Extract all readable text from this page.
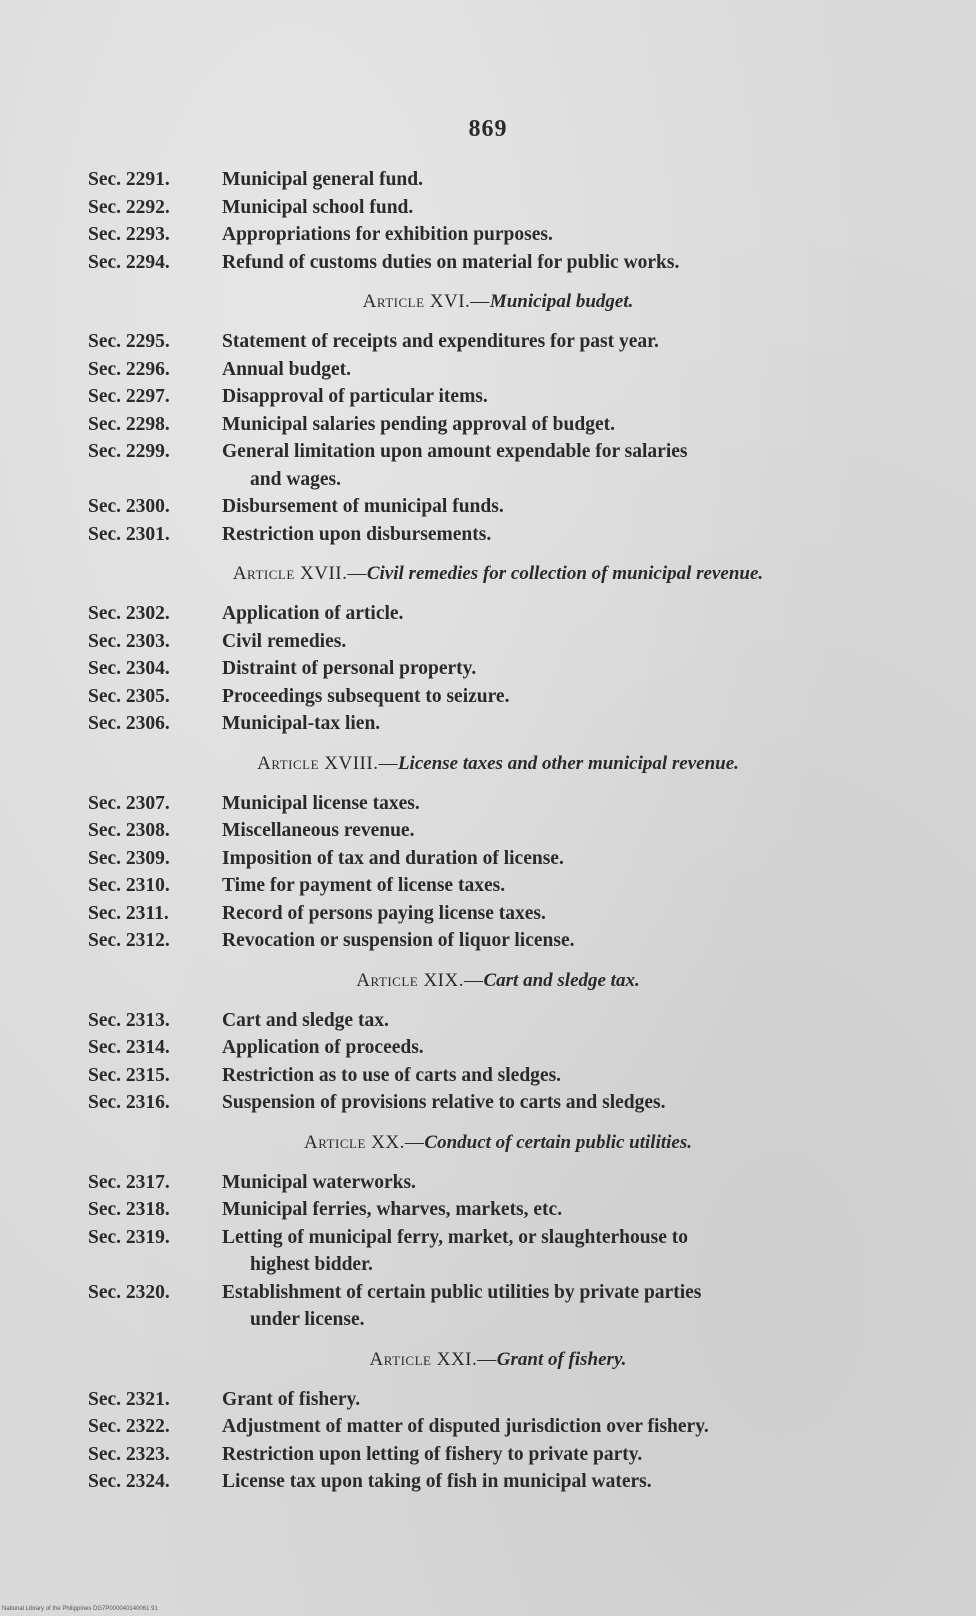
869
Sec. 2291.	Municipal general fund.
Sec. 2292.	Municipal school fund.
Sec. 2293.	Appropriations for exhibition purposes.
Sec. 2294.	Refund of customs duties on material for public works.
Article XVI.—Municipal budget.
Sec. 2295.	Statement of receipts and expenditures for past year.
Sec. 2296.	Annual budget.
Sec. 2297.	Disapproval of particular items.
Sec. 2298.	Municipal salaries pending approval of budget.
Sec. 2299.	General limitation upon amount expendable for salaries
and wages.
Sec. 2300.	Disbursement of municipal funds.
Sec. 2301.	Restriction upon disbursements.
Article XVII.—Civil remedies for collection of municipal revenue.
Sec. 2302.	Application of article.
Sec. 2303.	Civil remedies.
Sec. 2304.	Distraint of personal property.
Sec. 2305.	Proceedings subsequent to seizure.
Sec. 2306.	Municipal-tax lien.
Article XVIII.—License taxes and other municipal revenue.
Sec. 2307.	Municipal license taxes.
Sec. 2308.	Miscellaneous revenue.
Sec. 2309.	Imposition of tax and duration of license.
Sec. 2310.	Time for payment of license taxes.
Sec. 2311.	Record of persons paying license taxes.
Sec. 2312.	Revocation or suspension of liquor license.
Article XIX.—Cart and sledge tax.
Sec. 2313.	Cart and sledge tax.
Sec. 2314.	Application of proceeds.
Sec. 2315.	Restriction as to use of carts and sledges.
Sec. 2316.	Suspension of provisions relative to carts and sledges.
Article XX.—Conduct of certain public utilities.
Sec. 2317.	Municipal waterworks.
Sec. 2318.	Municipal ferries, wharves, markets, etc.
Sec. 2319.	Letting of municipal ferry, market, or slaughterhouse to
highest bidder.
Sec. 2320.	Establishment of certain public utilities by private parties
under license.
Article XXI.—Grant of fishery.
Sec. 2321.	Grant of fishery.
Sec. 2322.	Adjustment of matter of disputed jurisdiction over fishery.
Sec. 2323.	Restriction upon letting of fishery to private party.
Sec. 2324.	License tax upon taking of fish in municipal waters.
National Library of the Philippines DG7P000040140061 91
